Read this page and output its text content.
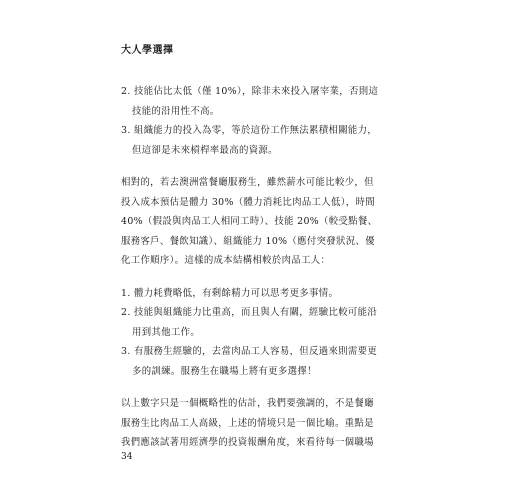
大人學選擇
2. 技能佔比太低（僅 10%），除非未來投入屠宰業，否則這
技能的沿用性不高。
3. 組織能力的投入為零，等於這份工作無法累積相關能力，
但這卻是未來槓桿率最高的資源。
相對的，若去澳洲當餐廳服務生，雖然薪水可能比較少，但
投入成本預估是體力 30%（體力消耗比肉品工人低），時間
40%（假設與肉品工人相同工時）、技能 20%（較受點餐、
服務客戶、餐飲知識）、組織能力 10%（應付突發狀況、優
化工作順序）。這樣的成本結構相較於肉品工人：
1. 體力耗費略低，有剩餘精力可以思考更多事情。
2. 技能與組織能力比重高，而且與人有關，經驗比較可能沿
用到其他工作。
3. 有服務生經驗的，去當肉品工人容易，但反過來則需要更
多的訓練。服務生在職場上將有更多選擇！
以上數字只是一個概略性的估計，我們要強調的，不是餐廳
服務生比肉品工人高級，上述的情境只是一個比喻。重點是
我們應該試著用經濟學的投資報酬角度，來看待每一個職場
34
